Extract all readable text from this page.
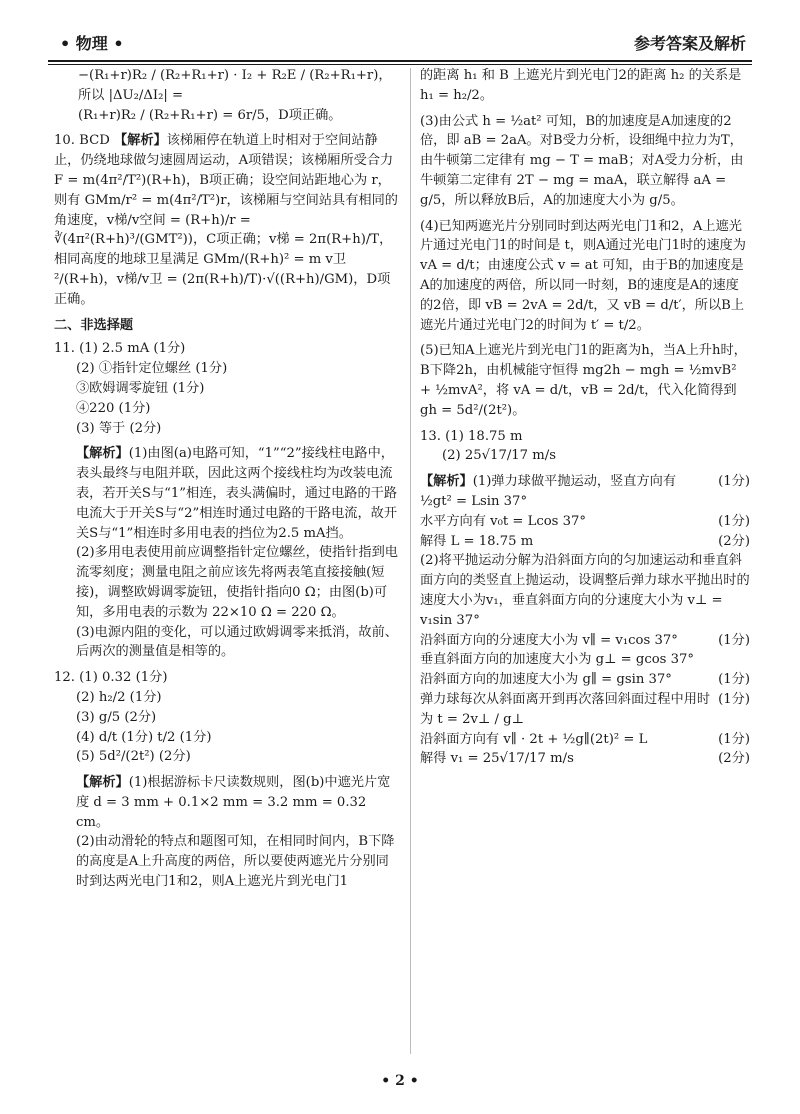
• 物理 •	参考答案及解析
−(R₁+r)R₂ / (R₂+R₁+r) · I₂ + R₂E / (R₂+R₁+r)，所以 |ΔU₂/ΔI₂| =
(R₁+r)R₂ / (R₂+R₁+r) = 6r/5，D项正确。
10. BCD 【解析】该梯厢停在轨道上时相对于空间站静止，仍绕地球做匀速圆周运动，A项错误；该梯厢所受合力 F = m(4π²/T²)(R+h)，B项正确；设空间站距地心为 r，则有 GMm/r² = m(4π²/T²)r，该梯厢与空间站具有相同的角速度，v梯/v空间 = (R+h)/r = ∛(4π²(R+h)³/(GMT²))，C项正确；v梯 = 2π(R+h)/T，相同高度的地球卫星满足 GMm/(R+h)² = m v卫²/(R+h)，v梯/v卫 = (2π(R+h)/T)·√((R+h)/GM)，D项正确。
二、非选择题
11. (1) 2.5 mA (1分)
(2) ①指针定位螺丝 (1分)
③欧姆调零旋钮 (1分)
④220 (1分)
(3) 等于 (2分)
【解析】(1)由图(a)电路可知，“1”“2”接线柱电路中，表头最终与电阻并联，因此这两个接线柱均为改装电流表，若开关S与“1”相连，表头满偏时，通过电路的干路电流大于开关S与“2”相连时通过电路的干路电流，故开关S与“1”相连时多用电表的挡位为2.5 mA挡。
(2)多用电表使用前应调整指针定位螺丝，使指针指到电流零刻度；测量电阻之前应该先将两表笔直接接触(短接)，调整欧姆调零旋钮，使指针指向0 Ω；由图(b)可知，多用电表的示数为 22×10 Ω = 220 Ω。
(3)电源内阻的变化，可以通过欧姆调零来抵消，故前、后两次的测量值是相等的。
12. (1) 0.32 (1分)
(2) h₂/2 (1分)
(3) g/5 (2分)
(4) d/t (1分) t/2 (1分)
(5) 5d²/(2t²) (2分)
【解析】(1)根据游标卡尺读数规则，图(b)中遮光片宽度 d = 3 mm + 0.1×2 mm = 3.2 mm = 0.32 cm。
(2)由动滑轮的特点和题图可知，在相同时间内，B下降的高度是A上升高度的两倍，所以要使两遮光片分别同时到达两光电门1和2，则A上遮光片到光电门1
的距离 h₁ 和 B 上遮光片到光电门2的距离 h₂ 的关系是 h₁ = h₂/2。
(3)由公式 h = ½at² 可知，B的加速度是A加速度的2倍，即 aB = 2aA。对B受力分析，设细绳中拉力为T，由牛顿第二定律有 mg − T = maB；对A受力分析，由牛顿第二定律有 2T − mg = maA，联立解得 aA = g/5，所以释放B后，A的加速度大小为 g/5。
(4)已知两遮光片分别同时到达两光电门1和2，A上遮光片通过光电门1的时间是 t，则A通过光电门1时的速度为 vA = d/t；由速度公式 v = at 可知，由于B的加速度是A的加速度的两倍，所以同一时刻，B的速度是A的速度的2倍，即 vB = 2vA = 2d/t，又 vB = d/t′，所以B上遮光片通过光电门2的时间为 t′ = t/2。
(5)已知A上遮光片到光电门1的距离为h，当A上升h时，B下降2h，由机械能守恒得 mg2h − mgh = ½mvB² + ½mvA²，将 vA = d/t，vB = 2d/t，代入化简得到 gh = 5d²/(2t²)。
13. (1) 18.75 m
(2) 25√17/17 m/s
【解析】(1)弹力球做平抛运动，竖直方向有 ½gt² = Lsin 37°
(1分)
水平方向有 v₀t = Lcos 37°	(1分)
解得 L = 18.75 m	(2分)
(2)将平抛运动分解为沿斜面方向的匀加速运动和垂直斜面方向的类竖直上抛运动，设调整后弹力球水平抛出时的速度大小为v₁，垂直斜面方向的分速度大小为 v⊥ = v₁sin 37°
沿斜面方向的分速度大小为 v∥ = v₁cos 37°	(1分)
垂直斜面方向的加速度大小为 g⊥ = gcos 37°
沿斜面方向的加速度大小为 g∥ = gsin 37°	(1分)
弹力球每次从斜面离开到再次落回斜面过程中用时为 t = 2v⊥ / g⊥
(1分)
沿斜面方向有 v∥ · 2t + ½g∥(2t)² = L	(1分)
解得 v₁ = 25√17/17 m/s	(2分)
• 2 •
